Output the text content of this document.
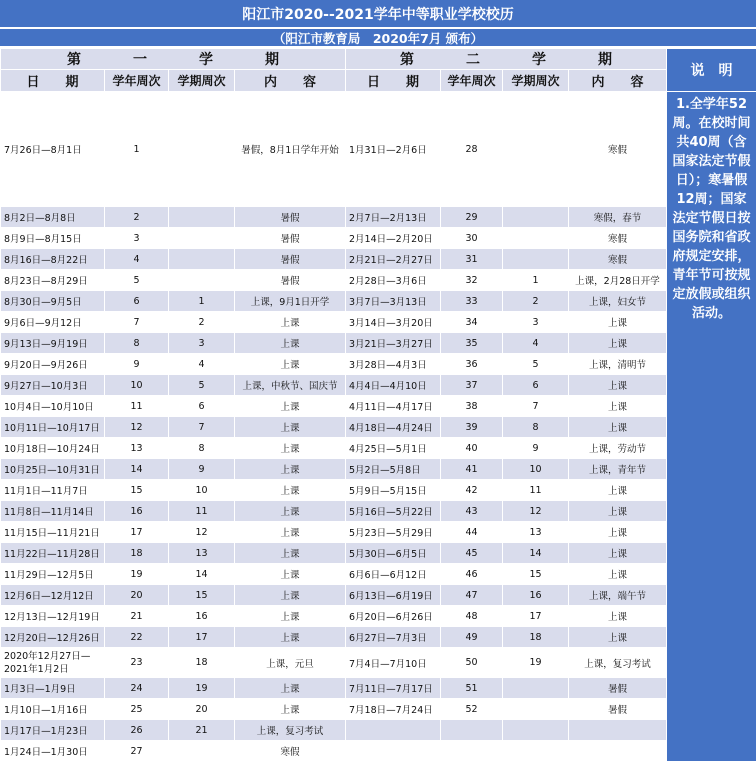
阳江市2020--2021学年中等职业学校校历
（阳江市教育局　2020年7月 颁布）
第 一 学 期				第 二 学 期				说　明
日　　期	学年周次	学期周次	内　　容	日　　期	学年周次	学期周次	内　　容	
7月26日—8月1日	1		暑假，8月1日学年开始	1月31日—2月6日	28		寒假	1.全学年52周。在校时间共40周（含国家法定节假日）；寒暑假12周；国家法定节假日按国务院和省政府规定安排，青年节可按规定放假或组织活动。
8月2日—8月8日	2		暑假	2月7日—2月13日	29		寒假，春节	
8月9日—8月15日	3		暑假	2月14日—2月20日	30		寒假	
8月16日—8月22日	4		暑假	2月21日—2月27日	31		寒假	
8月23日—8月29日	5		暑假	2月28日—3月6日	32	1	上课，2月28日开学	
8月30日—9月5日	6	1	上课，9月1日开学	3月7日—3月13日	33	2	上课，妇女节	
9月6日—9月12日	7	2	上课	3月14日—3月20日	34	3	上课	
9月13日—9月19日	8	3	上课	3月21日—3月27日	35	4	上课	
9月20日—9月26日	9	4	上课	3月28日—4月3日	36	5	上课，清明节	
9月27日—10月3日	10	5	上课，中秋节、国庆节	4月4日—4月10日	37	6	上课	
10月4日—10月10日	11	6	上课	4月11日—4月17日	38	7	上课	
10月11日—10月17日	12	7	上课	4月18日—4月24日	39	8	上课	
10月18日—10月24日	13	8	上课	4月25日—5月1日	40	9	上课，劳动节	
10月25日—10月31日	14	9	上课	5月2日—5月8日	41	10	上课，青年节	
11月1日—11月7日	15	10	上课	5月9日—5月15日	42	11	上课	
11月8日—11月14日	16	11	上课	5月16日—5月22日	43	12	上课	
11月15日—11月21日	17	12	上课	5月23日—5月29日	44	13	上课	
11月22日—11月28日	18	13	上课	5月30日—6月5日	45	14	上课	
11月29日—12月5日	19	14	上课	6月6日—6月12日	46	15	上课	
12月6日—12月12日	20	15	上课	6月13日—6月19日	47	16	上课，端午节	
12月13日—12月19日	21	16	上课	6月20日—6月26日	48	17	上课	
12月20日—12月26日	22	17	上课	6月27日—7月3日	49	18	上课	
2020年12月27日—2021年1月2日	23	18	上课，元旦	7月4日—7月10日	50	19	上课，复习考试	
1月3日—1月9日	24	19	上课	7月11日—7月17日	51		暑假	
1月10日—1月16日	25	20	上课	7月18日—7月24日	52		暑假	
1月17日—1月23日	26	21	上课，复习考试					
1月24日—1月30日	27		寒假					
